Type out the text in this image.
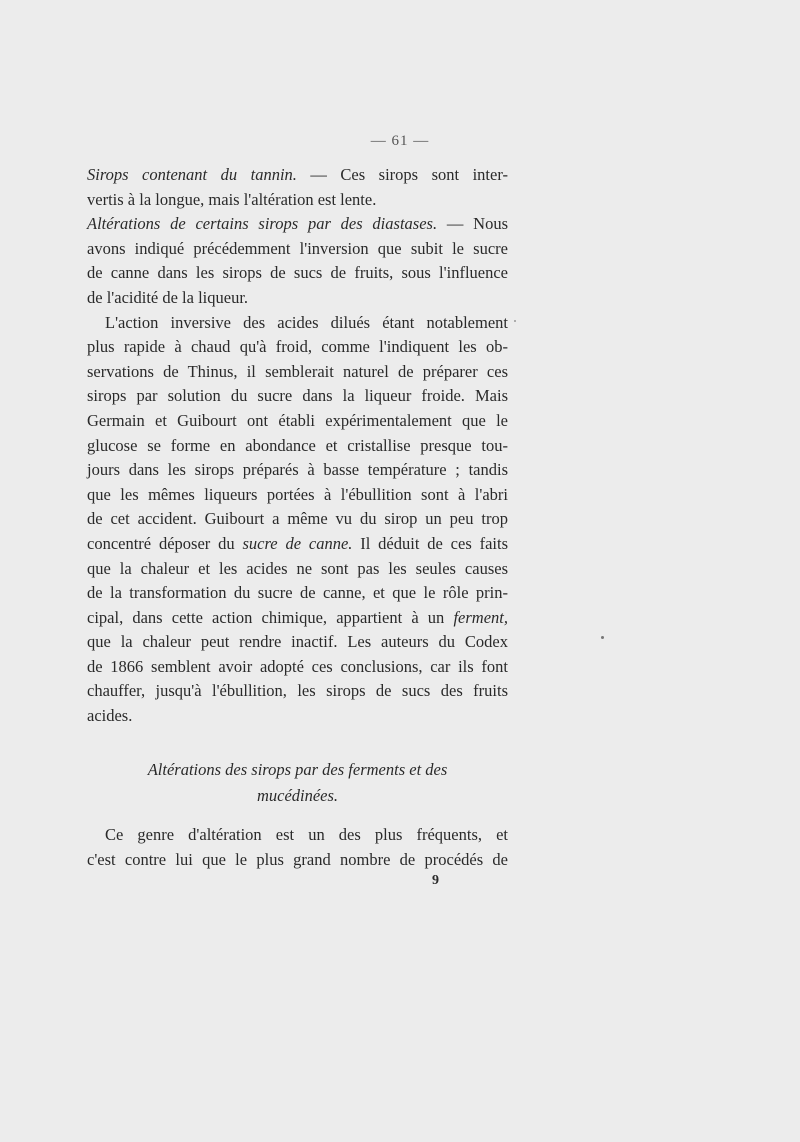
— 61 —
Sirops contenant du tannin. — Ces sirops sont inter-
vertis à la longue, mais l'altération est lente.
Altérations de certains sirops par des diastases. — Nous
avons indiqué précédemment l'inversion que subit le sucre
de canne dans les sirops de sucs de fruits, sous l'influence
de l'acidité de la liqueur.
L'action inversive des acides dilués étant notablement
plus rapide à chaud qu'à froid, comme l'indiquent les ob-
servations de Thinus, il semblerait naturel de préparer ces
sirops par solution du sucre dans la liqueur froide. Mais
Germain et Guibourt ont établi expérimentalement que le
glucose se forme en abondance et cristallise presque tou-
jours dans les sirops préparés à basse température ; tandis
que les mêmes liqueurs portées à l'ébullition sont à l'abri
de cet accident. Guibourt a même vu du sirop un peu trop
concentré déposer du sucre de canne. Il déduit de ces faits
que la chaleur et les acides ne sont pas les seules causes
de la transformation du sucre de canne, et que le rôle prin-
cipal, dans cette action chimique, appartient à un ferment,
que la chaleur peut rendre inactif. Les auteurs du Codex
de 1866 semblent avoir adopté ces conclusions, car ils font
chauffer, jusqu'à l'ébullition, les sirops de sucs des fruits
acides.
Altérations des sirops par des ferments et des
mucédinées.
Ce genre d'altération est un des plus fréquents, et
c'est contre lui que le plus grand nombre de procédés de
9
